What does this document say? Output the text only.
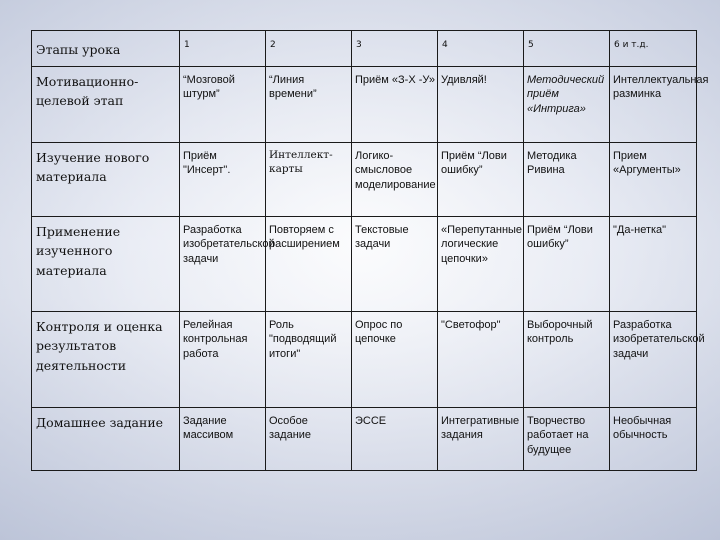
Этапы урока	1	2	3	4	5	6 и т.д.
Мотивационно-целевой этап	“Мозговой штурм”	“Линия времени”	Приём «З-Х -У»	Удивляй!	Методический приём «Интрига»	Интеллектуальная разминка
Изучение нового материала	Приём "Инсерт".	Интеллект-карты	Логико-смысловое моделирование	Приём “Лови ошибку”	Методика Ривина	Прием «Аргументы»
Применение изученного материала	Разработка изобретательской задачи	Повторяем с расширением	Текстовые задачи	«Перепутанные логические цепочки»	Приём “Лови ошибку”	"Да-нетка"
Контроля и оценка результатов деятельности	Релейная контрольная работа	Роль "подводящий итоги"	Опрос по цепочке	"Светофор"	Выборочный контроль	Разработка изобретательской задачи
Домашнее задание	Задание массивом	Особое задание	ЭССЕ	Интегративные задания	Творчество работает на будущее	Необычная обычность
